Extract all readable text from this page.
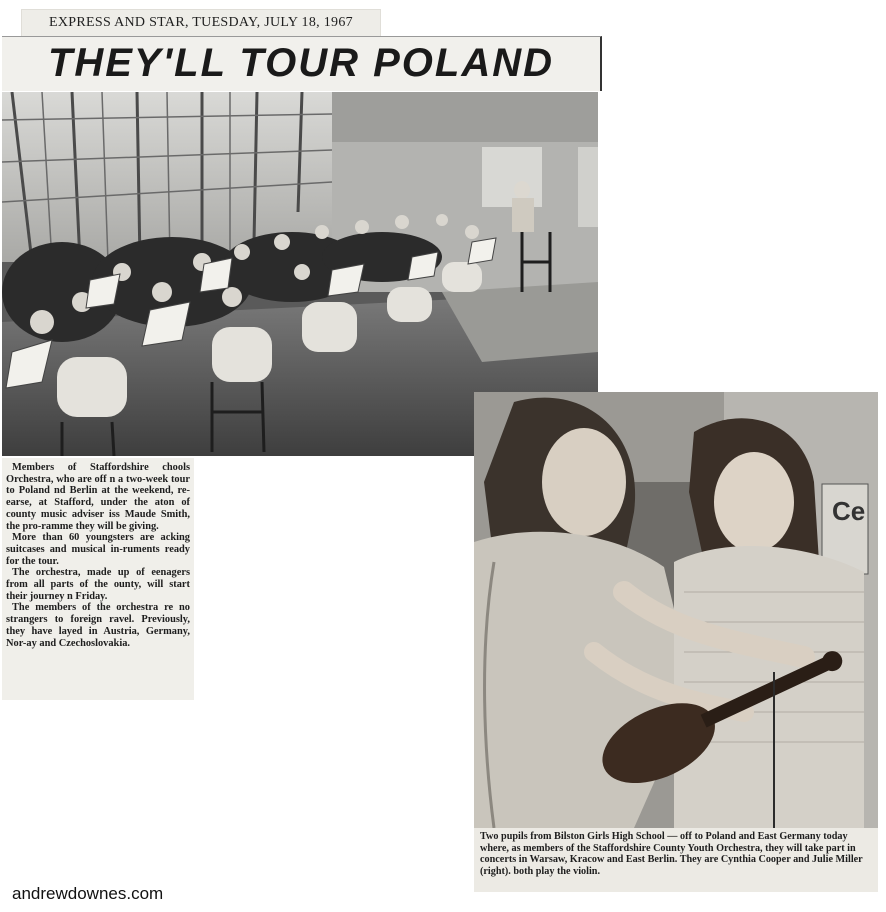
EXPRESS AND STAR, TUESDAY, JULY 18, 1967
THEY'LL TOUR POLAND

Members of Staffordshire chools Orchestra, who are off n a two-week tour to Poland nd Berlin at the weekend, re-earse, at Stafford, under the aton of county music adviser iss Maude Smith, the pro-ramme they will be giving.

More than 60 youngsters are acking suitcases and musical in-ruments ready for the tour.

The orchestra, made up of eenagers from all parts of the ounty, will start their journey n Friday.

The members of the orchestra re no strangers to foreign ravel. Previously, they have layed in Austria, Germany, Nor-ay and Czechoslovakia.

Ce
Two pupils from Bilston Girls High School — off to Poland and East Germany today where, as members of the Staffordshire County Youth Orchestra, they will take part in concerts in Warsaw, Kracow and East Berlin. They are Cynthia Cooper and Julie Miller (right). both play the violin.
andrewdownes.com
